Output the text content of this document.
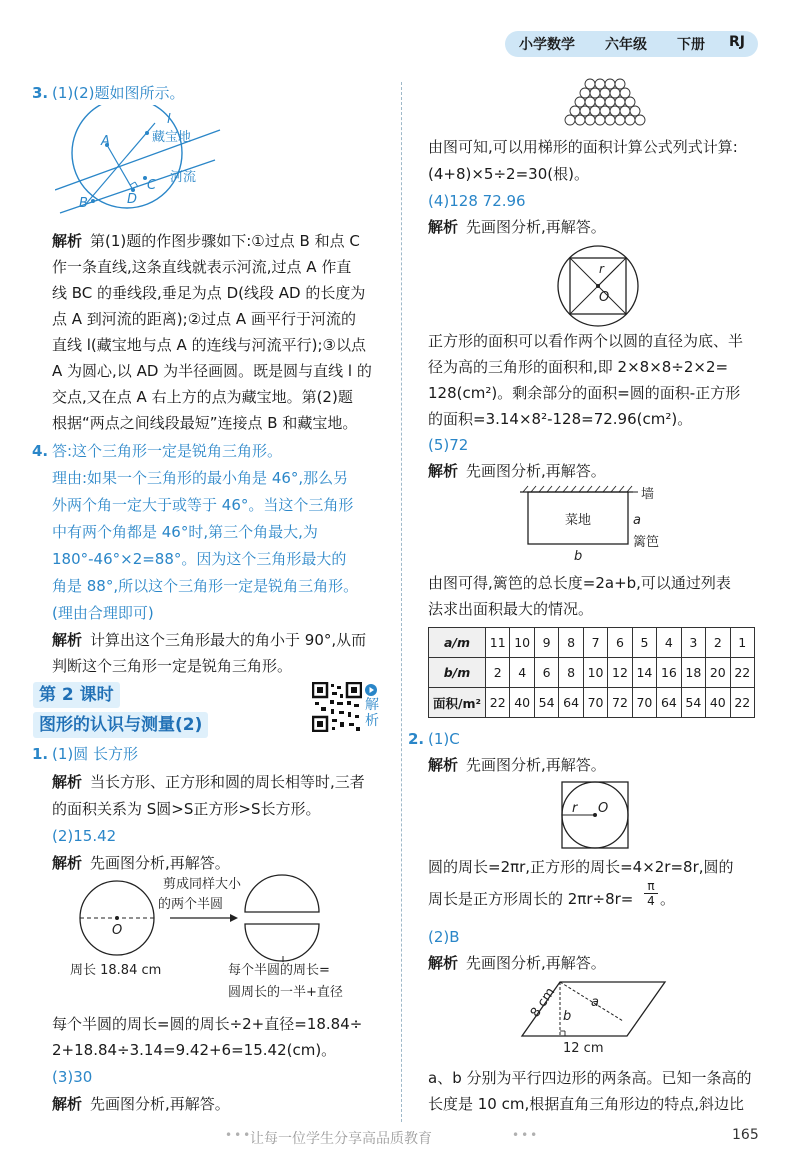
小学数学 六年级 下册 RJ
3. (1)(2)题如图所示。
l
A
B
C
D
藏宝地
河流
解析 第(1)题的作图步骤如下:①过点 B 和点 C
作一条直线,这条直线就表示河流,过点 A 作直
线 BC 的垂线段,垂足为点 D(线段 AD 的长度为
点 A 到河流的距离);②过点 A 画平行于河流的
直线 l(藏宝地与点 A 的连线与河流平行);③以点
A 为圆心,以 AD 为半径画圆。既是圆与直线 l 的
交点,又在点 A 右上方的点为藏宝地。第(2)题
根据“两点之间线段最短”连接点 B 和藏宝地。
4. 答:这个三角形一定是锐角三角形。
理由:如果一个三角形的最小角是 46°,那么另
外两个角一定大于或等于 46°。当这个三角形
中有两个角都是 46°时,第三个角最大,为
180°-46°×2=88°。因为这个三角形最大的
角是 88°,所以这个三角形一定是锐角三角形。
(理由合理即可)
解析 计算出这个三角形最大的角小于 90°,从而
判断这个三角形一定是锐角三角形。
第 2 课时
图形的认识与测量(2)
解
析
1. (1)圆 长方形
解析 当长方形、正方形和圆的周长相等时,三者
的面积关系为 S圆>S正方形>S长方形。
(2)15.42
解析 先画图分析,再解答。
O
剪成同样大小
的两个半圆
周长 18.84 cm	每个半圆的周长=
圆周长的一半+直径
每个半圆的周长=圆的周长÷2+直径=18.84÷
2+18.84÷3.14=9.42+6=15.42(cm)。
(3)30
解析 先画图分析,再解答。
由图可知,可以用梯形的面积计算公式列式计算:
(4+8)×5÷2=30(根)。
(4)128 72.96
解析 先画图分析,再解答。
r
O
正方形的面积可以看作两个以圆的直径为底、半
径为高的三角形的面积和,即 2×8×8÷2×2=
128(cm²)。剩余部分的面积=圆的面积-正方形
的面积=3.14×8²-128=72.96(cm²)。
(5)72
解析 先画图分析,再解答。
墙
菜地	a
篱笆
b
由图可得,篱笆的总长度=2a+b,可以通过列表
法求出面积最大的情况。
a/m	11	10	9	8	7	6	5	4	3	2	1
b/m	2	4	6	8	10	12	14	16	18	20	22
面积/m²	22	40	54	64	70	72	70	64	54	40	22
2. (1)C
解析 先画图分析,再解答。
r O
圆的周长=2πr,正方形的周长=4×2r=8r,圆的
周长是正方形周长的 2πr÷8r=
π
4 。
(2)B
解析 先画图分析,再解答。
b
a
12 cm
8 cm
a、b 分别为平行四边形的两条高。已知一条高的
长度是 10 cm,根据直角三角形边的特点,斜边比
•••
让每一位学生分享高品质教育	•••	165
